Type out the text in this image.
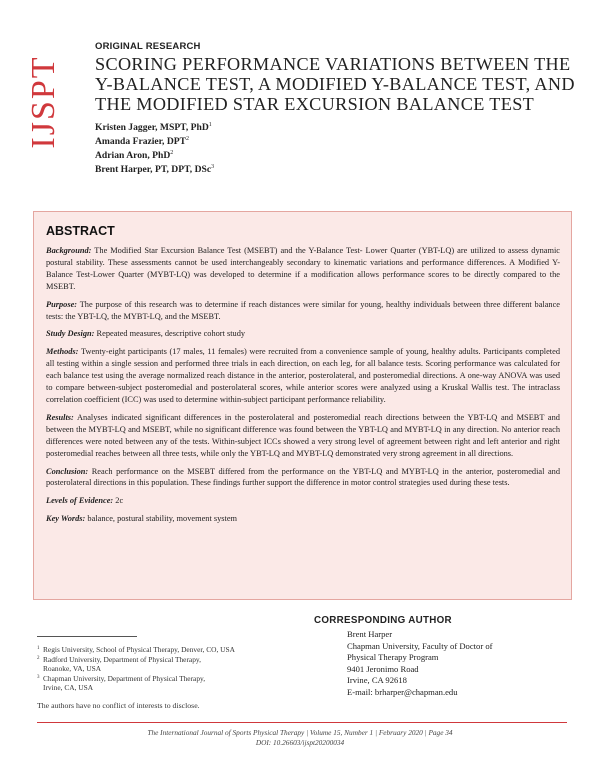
IJSPT
ORIGINAL RESEARCH
SCORING PERFORMANCE VARIATIONS BETWEEN THE Y-BALANCE TEST, A MODIFIED Y-BALANCE TEST, AND THE MODIFIED STAR EXCURSION BALANCE TEST
Kristen Jagger, MSPT, PhD$^1$
Amanda Frazier, DPT$^2$
Adrian Aron, PhD$^2$
Brent Harper, PT, DPT, DSc$^3$
ABSTRACT

Background: The Modified Star Excursion Balance Test (MSEBT) and the Y-Balance Test- Lower Quarter (YBT-LQ) are utilized to assess dynamic postural stability. These assessments cannot be used interchangeably secondary to kinematic variations and performance differences. A Modified Y-Balance Test-Lower Quarter (MYBT-LQ) was developed to determine if a modification allows performance scores to be directly compared to the MSEBT.

Purpose: The purpose of this research was to determine if reach distances were similar for young, healthy individuals between three different balance tests: the YBT-LQ, the MYBT-LQ, and the MSEBT.

Study Design: Repeated measures, descriptive cohort study

Methods: Twenty-eight participants (17 males, 11 females) were recruited from a convenience sample of young, healthy adults. Participants completed all testing within a single session and performed three trials in each direction, on each leg, for all balance tests. Scoring performance was calculated for each balance test using the average normalized reach distance in the anterior, posterolateral, and posteromedial directions. A one-way ANOVA was used to compare between-subject posteromedial and posterolateral scores, while anterior scores were analyzed using a Kruskal Wallis test. The intraclass correlation coefficient (ICC) was used to determine within-subject participant performance reliability.

Results: Analyses indicated significant differences in the posterolateral and posteromedial reach directions between the YBT-LQ and MSEBT and between the MYBT-LQ and MSEBT, while no significant difference was found between the YBT-LQ and MYBT-LQ in any direction. No anterior reach differences were noted between any of the tests. Within-subject ICCs showed a very strong level of agreement between right and left anterior and right posteromedial reaches between all three tests, while only the YBT-LQ and MYBT-LQ demonstrated very strong agreement in all directions.

Conclusion: Reach performance on the MSEBT differed from the performance on the YBT-LQ and MYBT-LQ in the anterior, posteromedial and posterolateral directions in this population. These findings further support the difference in motor control strategies used during these tests.

Levels of Evidence: 2c

Key Words: balance, postural stability, movement system

1 Regis University, School of Physical Therapy, Denver, CO, USA
2 Radford University, Department of Physical Therapy,
Roanoke, VA, USA
3 Chapman University, Department of Physical Therapy,
Irvine, CA, USA
The authors have no conflict of interests to disclose.
CORRESPONDING AUTHOR
Brent Harper
Chapman University, Faculty of Doctor of
Physical Therapy Program
9401 Jeronimo Road
Irvine, CA 92618
E-mail: brharper@chapman.edu
The International Journal of Sports Physical Therapy | Volume 15, Number 1 | February 2020 | Page 34
DOI: 10.26603/ijspt20200034
